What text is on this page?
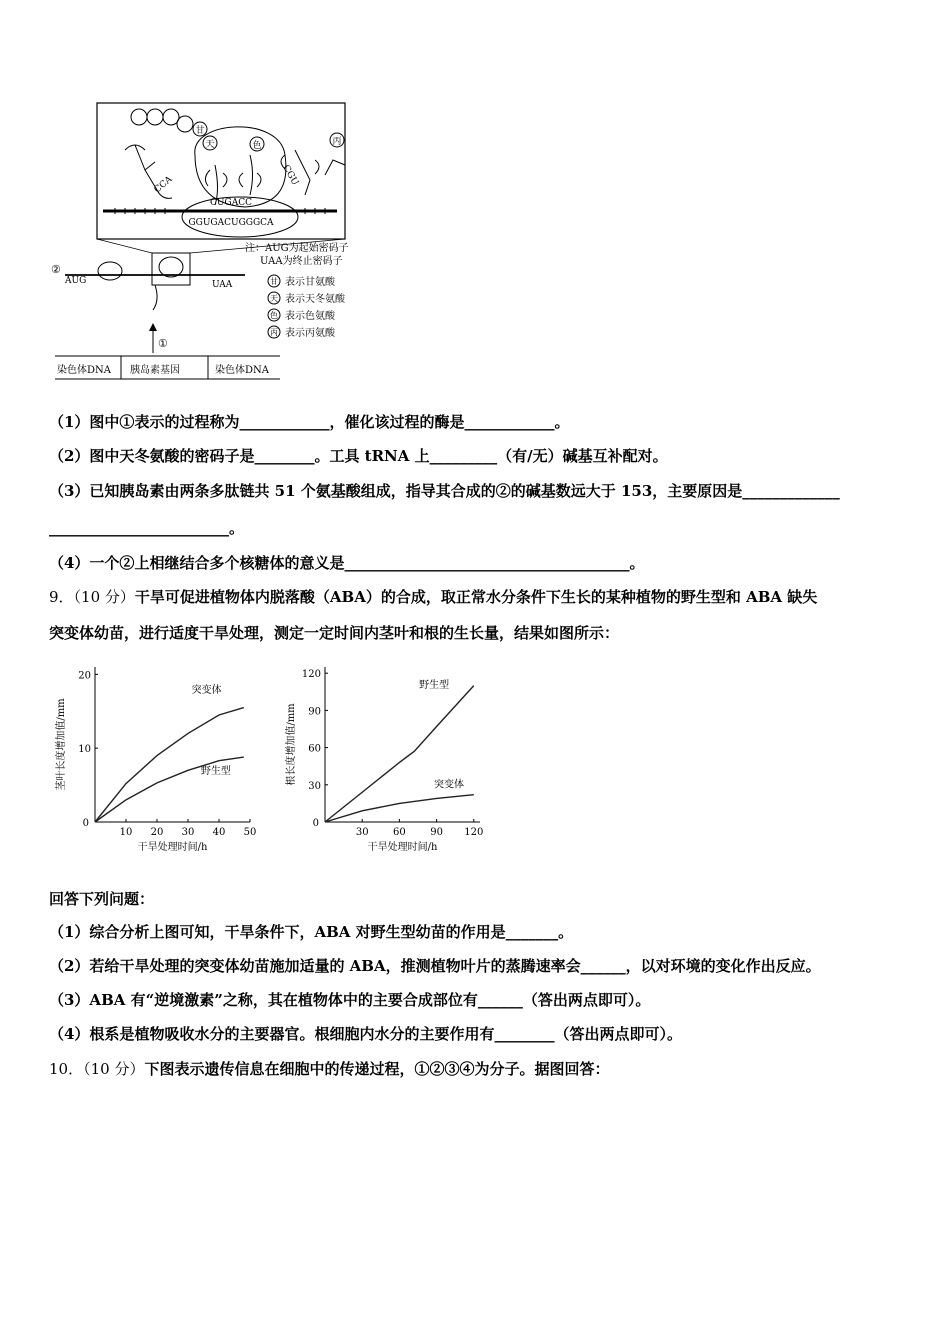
甘
天	色	丙
CCA	CGU
CUGACC
GGUGACUGGGCA
②
AUG	UAA
注：AUG为起始密码子
UAA为终止密码子
甘 表示甘氨酸
天 表示天冬氨酸
色 表示色氨酸
丙 表示丙氨酸
①
染色体DNA 胰岛素基因	染色体DNA
（1）图中①表示的过程称为____________，催化该过程的酶是____________。
（2）图中天冬氨酸的密码子是________。工具 tRNA 上_________（有/无）碱基互补配对。
（3）已知胰岛素由两条多肽链共 51 个氨基酸组成，指导其合成的②的碱基数远大于 153，主要原因是_____________
________________________。
（4）一个②上相继结合多个核糖体的意义是______________________________________。
9．（10 分）干旱可促进植物体内脱落酸（ABA）的合成，取正常水分条件下生长的某种植物的野生型和 ABA 缺失
突变体幼苗，进行适度干旱处理，测定一定时间内茎叶和根的生长量，结果如图所示：
0
10 20 30 40 50
10
20
干旱处理时间/h
茎叶长度增加值/mm
突变体
野生型
0
30 60 90 120
30
60
90
120
干旱处理时间/h
根长度增加值/mm
野生型
突变体
回答下列问题：
（1）综合分析上图可知，干旱条件下，ABA 对野生型幼苗的作用是_______。
（2）若给干旱处理的突变体幼苗施加适量的 ABA，推测植物叶片的蒸腾速率会______，以对环境的变化作出反应。
（3）ABA 有“逆境激素”之称，其在植物体中的主要合成部位有______（答出两点即可）。
（4）根系是植物吸收水分的主要器官。根细胞内水分的主要作用有________（答出两点即可）。
10．（10 分）下图表示遗传信息在细胞中的传递过程，①②③④为分子。据图回答：
